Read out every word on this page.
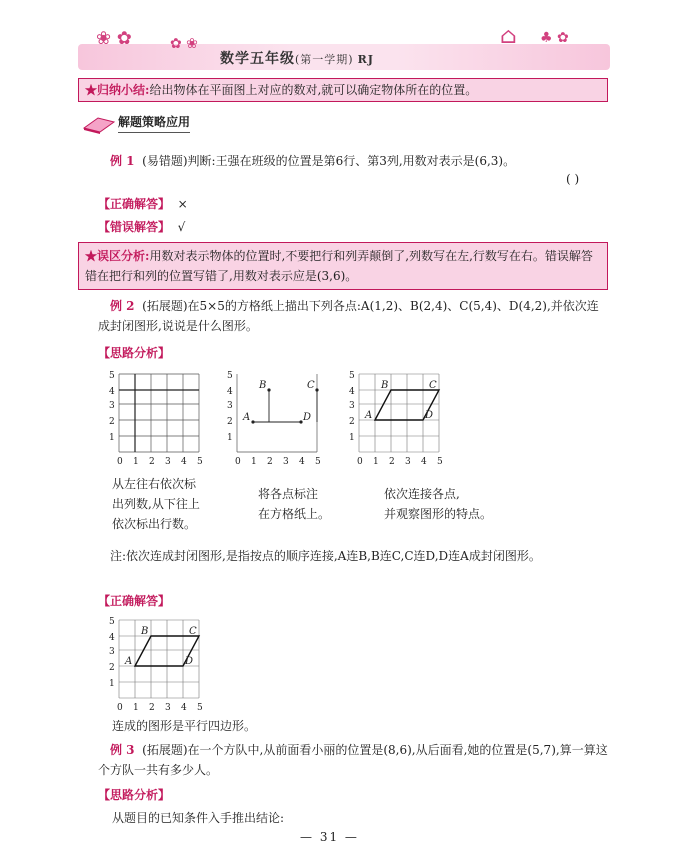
❀ ✿	✿ ❀	⌂ ♣ ✿
数学五年级(第一学期) RJ
★归纳小结:给出物体在平面图上对应的数对,就可以确定物体所在的位置。
解题策略应用
例 1 (易错题)判断:王强在班级的位置是第6行、第3列,用数对表示是(6,3)。
( )
【正确解答】 ×
【错误解答】 √
★误区分析:用数对表示物体的位置时,不要把行和列弄颠倒了,列数写在左,行数写在右。错误解答错在把行和列的位置写错了,用数对表示应是(3,6)。
例 2 (拓展题)在5×5的方格纸上描出下列各点:A(1,2)、B(2,4)、C(5,4)、D(4,2),并依次连成封闭图形,说说是什么图形。
【思路分析】
0 1 2 3 4 5
1
2
3
4
5
A
B	C
D
0 1 2 3 4 5
1
2
3
4
5
A
B	C
D
0 1 2 3 4 5
1
2
3
4
5
从左往右依次标
出列数,从下往上
依次标出行数。
将各点标注
在方格纸上。
依次连接各点,
并观察图形的特点。
注:依次连成封闭图形,是指按点的顺序连接,A连B,B连C,C连D,D连A成封闭图形。
【正确解答】
A
B	C
D
0 1 2 3 4 5
1
2
3
4
5
连成的图形是平行四边形。
例 3 (拓展题)在一个方队中,从前面看小丽的位置是(8,6),从后面看,她的位置是(5,7),算一算这个方队一共有多少人。
【思路分析】
从题目的已知条件入手推出结论:
— 31 —
